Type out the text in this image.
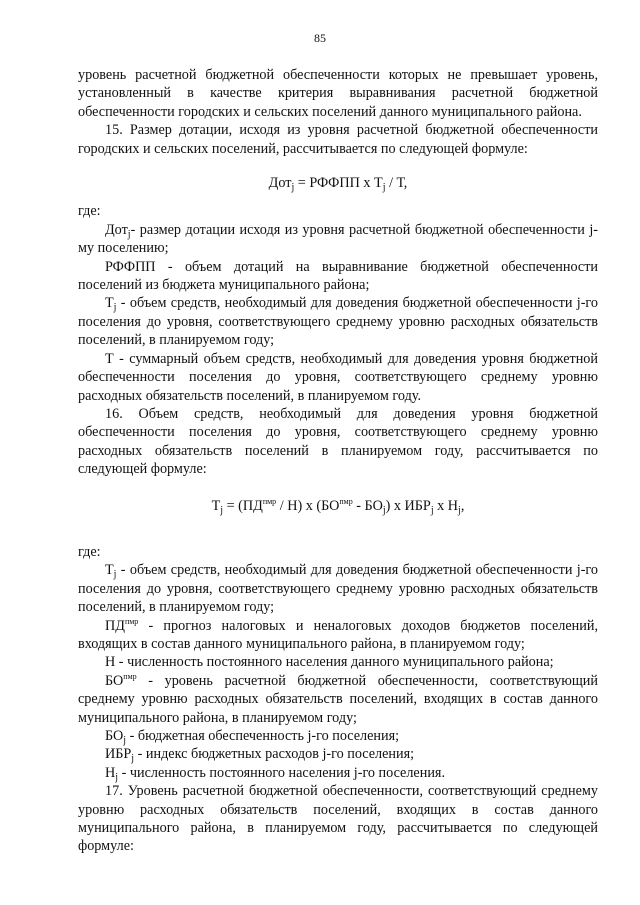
85

уровень расчетной бюджетной обеспеченности которых не превышает уровень, установленный в качестве критерия выравнивания расчетной бюджетной обеспеченности городских и сельских поселений данного муниципального района.

15. Размер дотации, исходя из уровня расчетной бюджетной обеспеченности городских и сельских поселений, рассчитывается по следующей формуле:

Дот$_j$ = РФФПП х $Т_j$ / Т,

где:

Дот$_j$- размер дотации исходя из уровня расчетной бюджетной обеспеченности j-му поселению;

РФФПП - объем дотаций на выравнивание бюджетной обеспеченности поселений из бюджета муниципального района;

$Т_j$ - объем средств, необходимый для доведения бюджетной обеспеченности j-го поселения до уровня, соответствующего среднему уровню расходных обязательств поселений, в планируемом году;

Т - суммарный объем средств, необходимый для доведения уровня бюджетной обеспеченности поселения до уровня, соответствующего среднему уровню расходных обязательств поселений, в планируемом году.

16. Объем средств, необходимый для доведения уровня бюджетной обеспеченности поселения до уровня, соответствующего среднему уровню расходных обязательств поселений в планируемом году, рассчитывается по следующей формуле:

$Т_j = (ПД^{пмр} / Н)$ х $(БО^{пмр} - БО_j)$ х $ИБР_j$ х $Н_j$,

где:

$Т_j$ - объем средств, необходимый для доведения бюджетной обеспеченности j-го поселения до уровня, соответствующего среднему уровню расходных обязательств поселений, в планируемом году;

$ПД^{пмр}$ - прогноз налоговых и неналоговых доходов бюджетов поселений, входящих в состав данного муниципального района, в планируемом году;

Н - численность постоянного населения данного муниципального района;

$БО^{пмр}$ - уровень расчетной бюджетной обеспеченности, соответствующий среднему уровню расходных обязательств поселений, входящих в состав данного муниципального района, в планируемом году;

$БО_j$ - бюджетная обеспеченность j-го поселения;

$ИБР_j$ - индекс бюджетных расходов j-го поселения;

$Н_j$ - численность постоянного населения j-го поселения.

17. Уровень расчетной бюджетной обеспеченности, соответствующий среднему уровню расходных обязательств поселений, входящих в состав данного муниципального района, в планируемом году, рассчитывается по следующей формуле:
